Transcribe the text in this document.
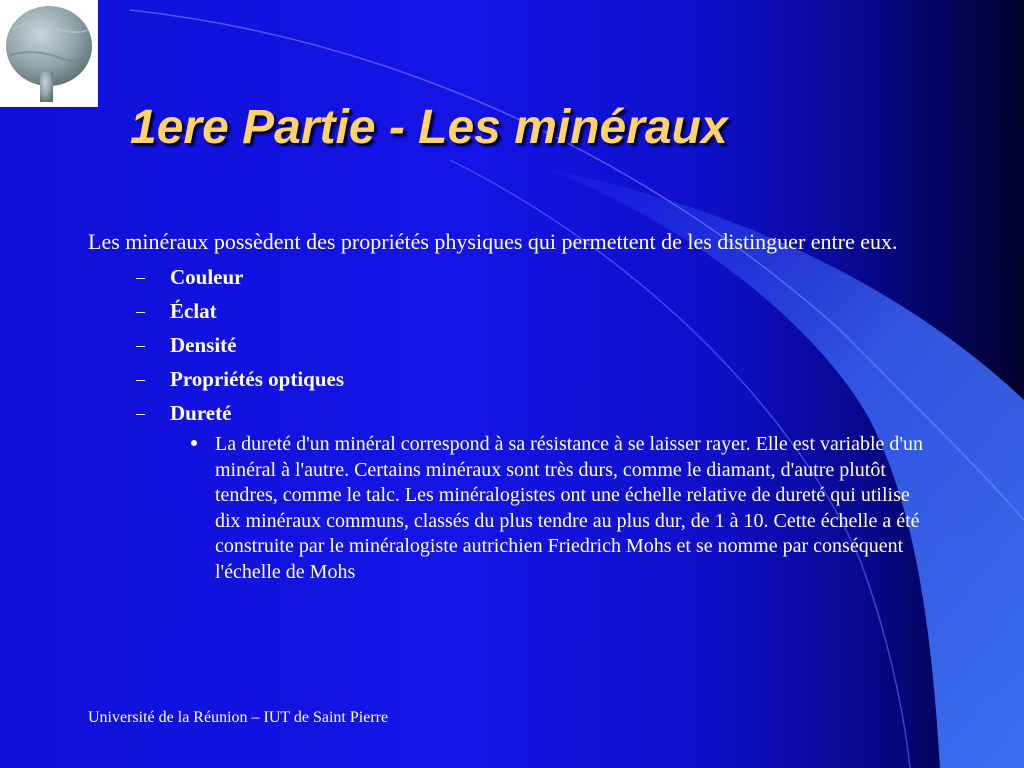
1ere Partie - Les minéraux

Les minéraux possèdent des propriétés physiques qui permettent de les distinguer entre eux.

– Couleur
– Éclat
– Densité
– Propriétés optiques
– Dureté
La dureté d'un minéral correspond à sa résistance à se laisser rayer. Elle est variable d'un minéral à l'autre. Certains minéraux sont très durs, comme le diamant, d'autre plutôt tendres, comme le talc. Les minéralogistes ont une échelle relative de dureté qui utilise dix minéraux communs, classés du plus tendre au plus dur, de 1 à 10. Cette échelle a été construite par le minéralogiste autrichien Friedrich Mohs et se nomme par conséquent l'échelle de Mohs
Université de la Réunion – IUT de Saint Pierre
